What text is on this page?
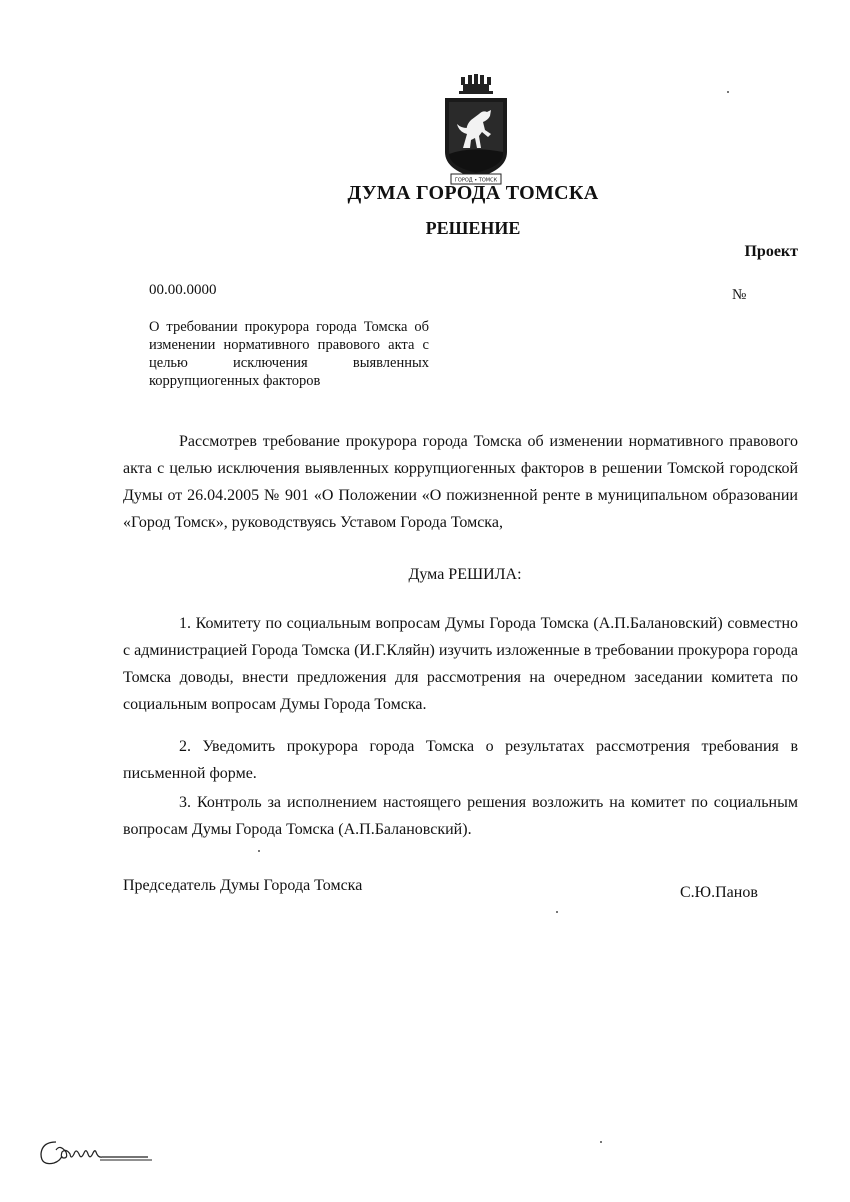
ГОРОД • ТОМСК
ДУМА ГОРОДА ТОМСКА
РЕШЕНИЕ
Проект
00.00.0000	№
О требовании прокурора города Томска об изменении нормативного правового акта с целью исключения выявленных коррупциогенных факторов

Рассмотрев требование прокурора города Томска об изменении нормативного правового акта с целью исключения выявленных коррупциогенных факторов в решении Томской городской Думы от 26.04.2005 № 901 «О Положении «О пожизненной ренте в муниципальном образовании «Город Томск», руководствуясь Уставом Города Томска,

Дума РЕШИЛА:

1. Комитету по социальным вопросам Думы Города Томска (А.П.Балановский) совместно с администрацией Города Томска (И.Г.Кляйн) изучить изложенные в требовании прокурора города Томска доводы, внести предложения для рассмотрения на очередном заседании комитета по социальным вопросам Думы Города Томска.

2. Уведомить прокурора города Томска о результатах рассмотрения требования в письменной форме.

3. Контроль за исполнением настоящего решения возложить на комитет по социальным вопросам Думы Города Томска (А.П.Балановский).

Председатель Думы Города Томска	С.Ю.Панов
